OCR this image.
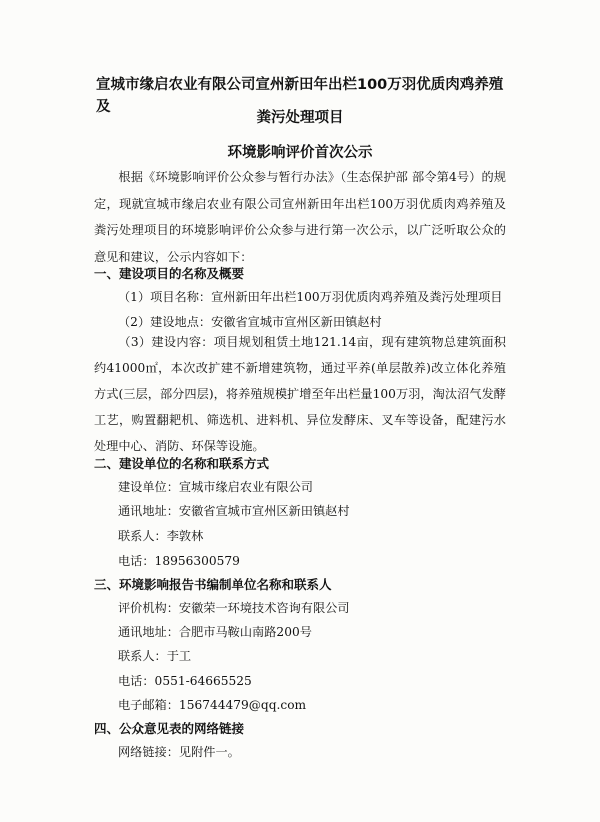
宣城市缘启农业有限公司宣州新田年出栏100万羽优质肉鸡养殖及
粪污处理项目
环境影响评价首次公示
根据《环境影响评价公众参与暂行办法》（生态保护部 部令第4号）的规定，现就宣城市缘启农业有限公司宣州新田年出栏100万羽优质肉鸡养殖及粪污处理项目的环境影响评价公众参与进行第一次公示，以广泛听取公众的意见和建议，公示内容如下：
一、建设项目的名称及概要
（1）项目名称：宣州新田年出栏100万羽优质肉鸡养殖及粪污处理项目
（2）建设地点：安徽省宣城市宣州区新田镇赵村
（3）建设内容：项目规划租赁土地121.14亩，现有建筑物总建筑面积约41000㎡，本次改扩建不新增建筑物，通过平养(单层散养)改立体化养殖方式(三层，部分四层)，将养殖规模扩增至年出栏量100万羽，淘汰沼气发酵工艺，购置翻耙机、筛选机、进料机、异位发酵床、叉车等设备，配建污水处理中心、消防、环保等设施。
二、建设单位的名称和联系方式
建设单位：宣城市缘启农业有限公司
通讯地址：安徽省宣城市宣州区新田镇赵村
联系人：李敦林
电话：18956300579
三、环境影响报告书编制单位名称和联系人
评价机构：安徽荣一环境技术咨询有限公司
通讯地址：合肥市马鞍山南路200号
联系人：于工
电话：0551-64665525
电子邮箱：156744479@qq.com
四、公众意见表的网络链接
网络链接：见附件一。
